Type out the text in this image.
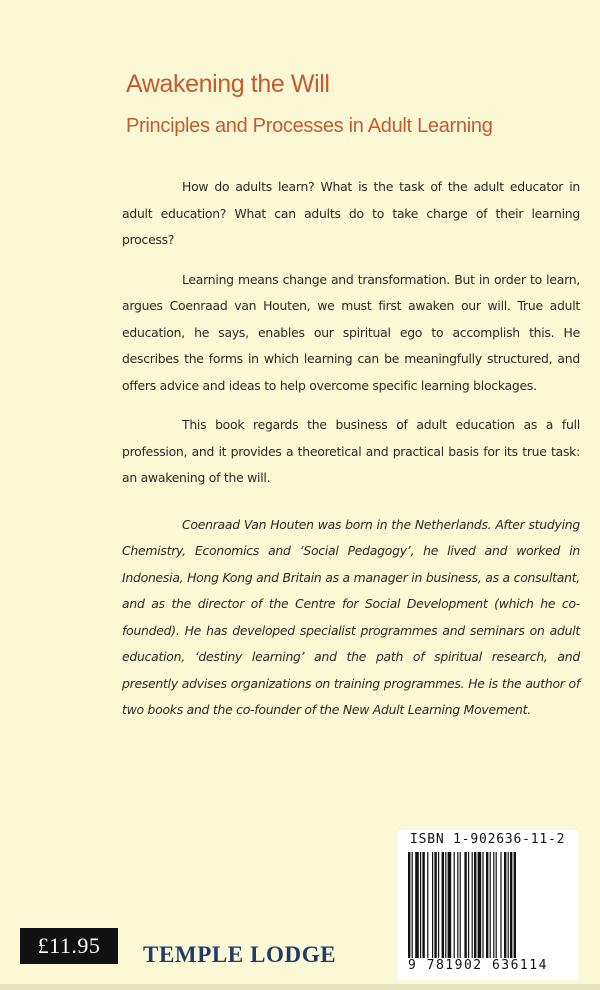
Awakening the Will
Principles and Processes in Adult Learning

How do adults learn? What is the task of the adult educator in adult education? What can adults do to take charge of their learning process?

Learning means change and transformation. But in order to learn, argues Coenraad van Houten, we must first awaken our will. True adult education, he says, enables our spiritual ego to accomplish this. He describes the forms in which learning can be meaningfully structured, and offers advice and ideas to help overcome specific learning blockages.

This book regards the business of adult education as a full profession, and it provides a theoretical and practical basis for its true task: an awakening of the will.

Coenraad Van Houten was born in the Netherlands. After studying Chemistry, Economics and ‘Social Pedagogy’, he lived and worked in Indonesia, Hong Kong and Britain as a manager in business, as a consultant, and as the director of the Centre for Social Development (which he co-founded). He has developed specialist programmes and seminars on adult education, ‘destiny learning’ and the path of spiritual research, and presently advises organizations on training programmes. He is the author of two books and the co-founder of the New Adult Learning Movement.

£11.95	TEMPLE LODGE
ISBN 1-902636-11-2
9 781902 636114
